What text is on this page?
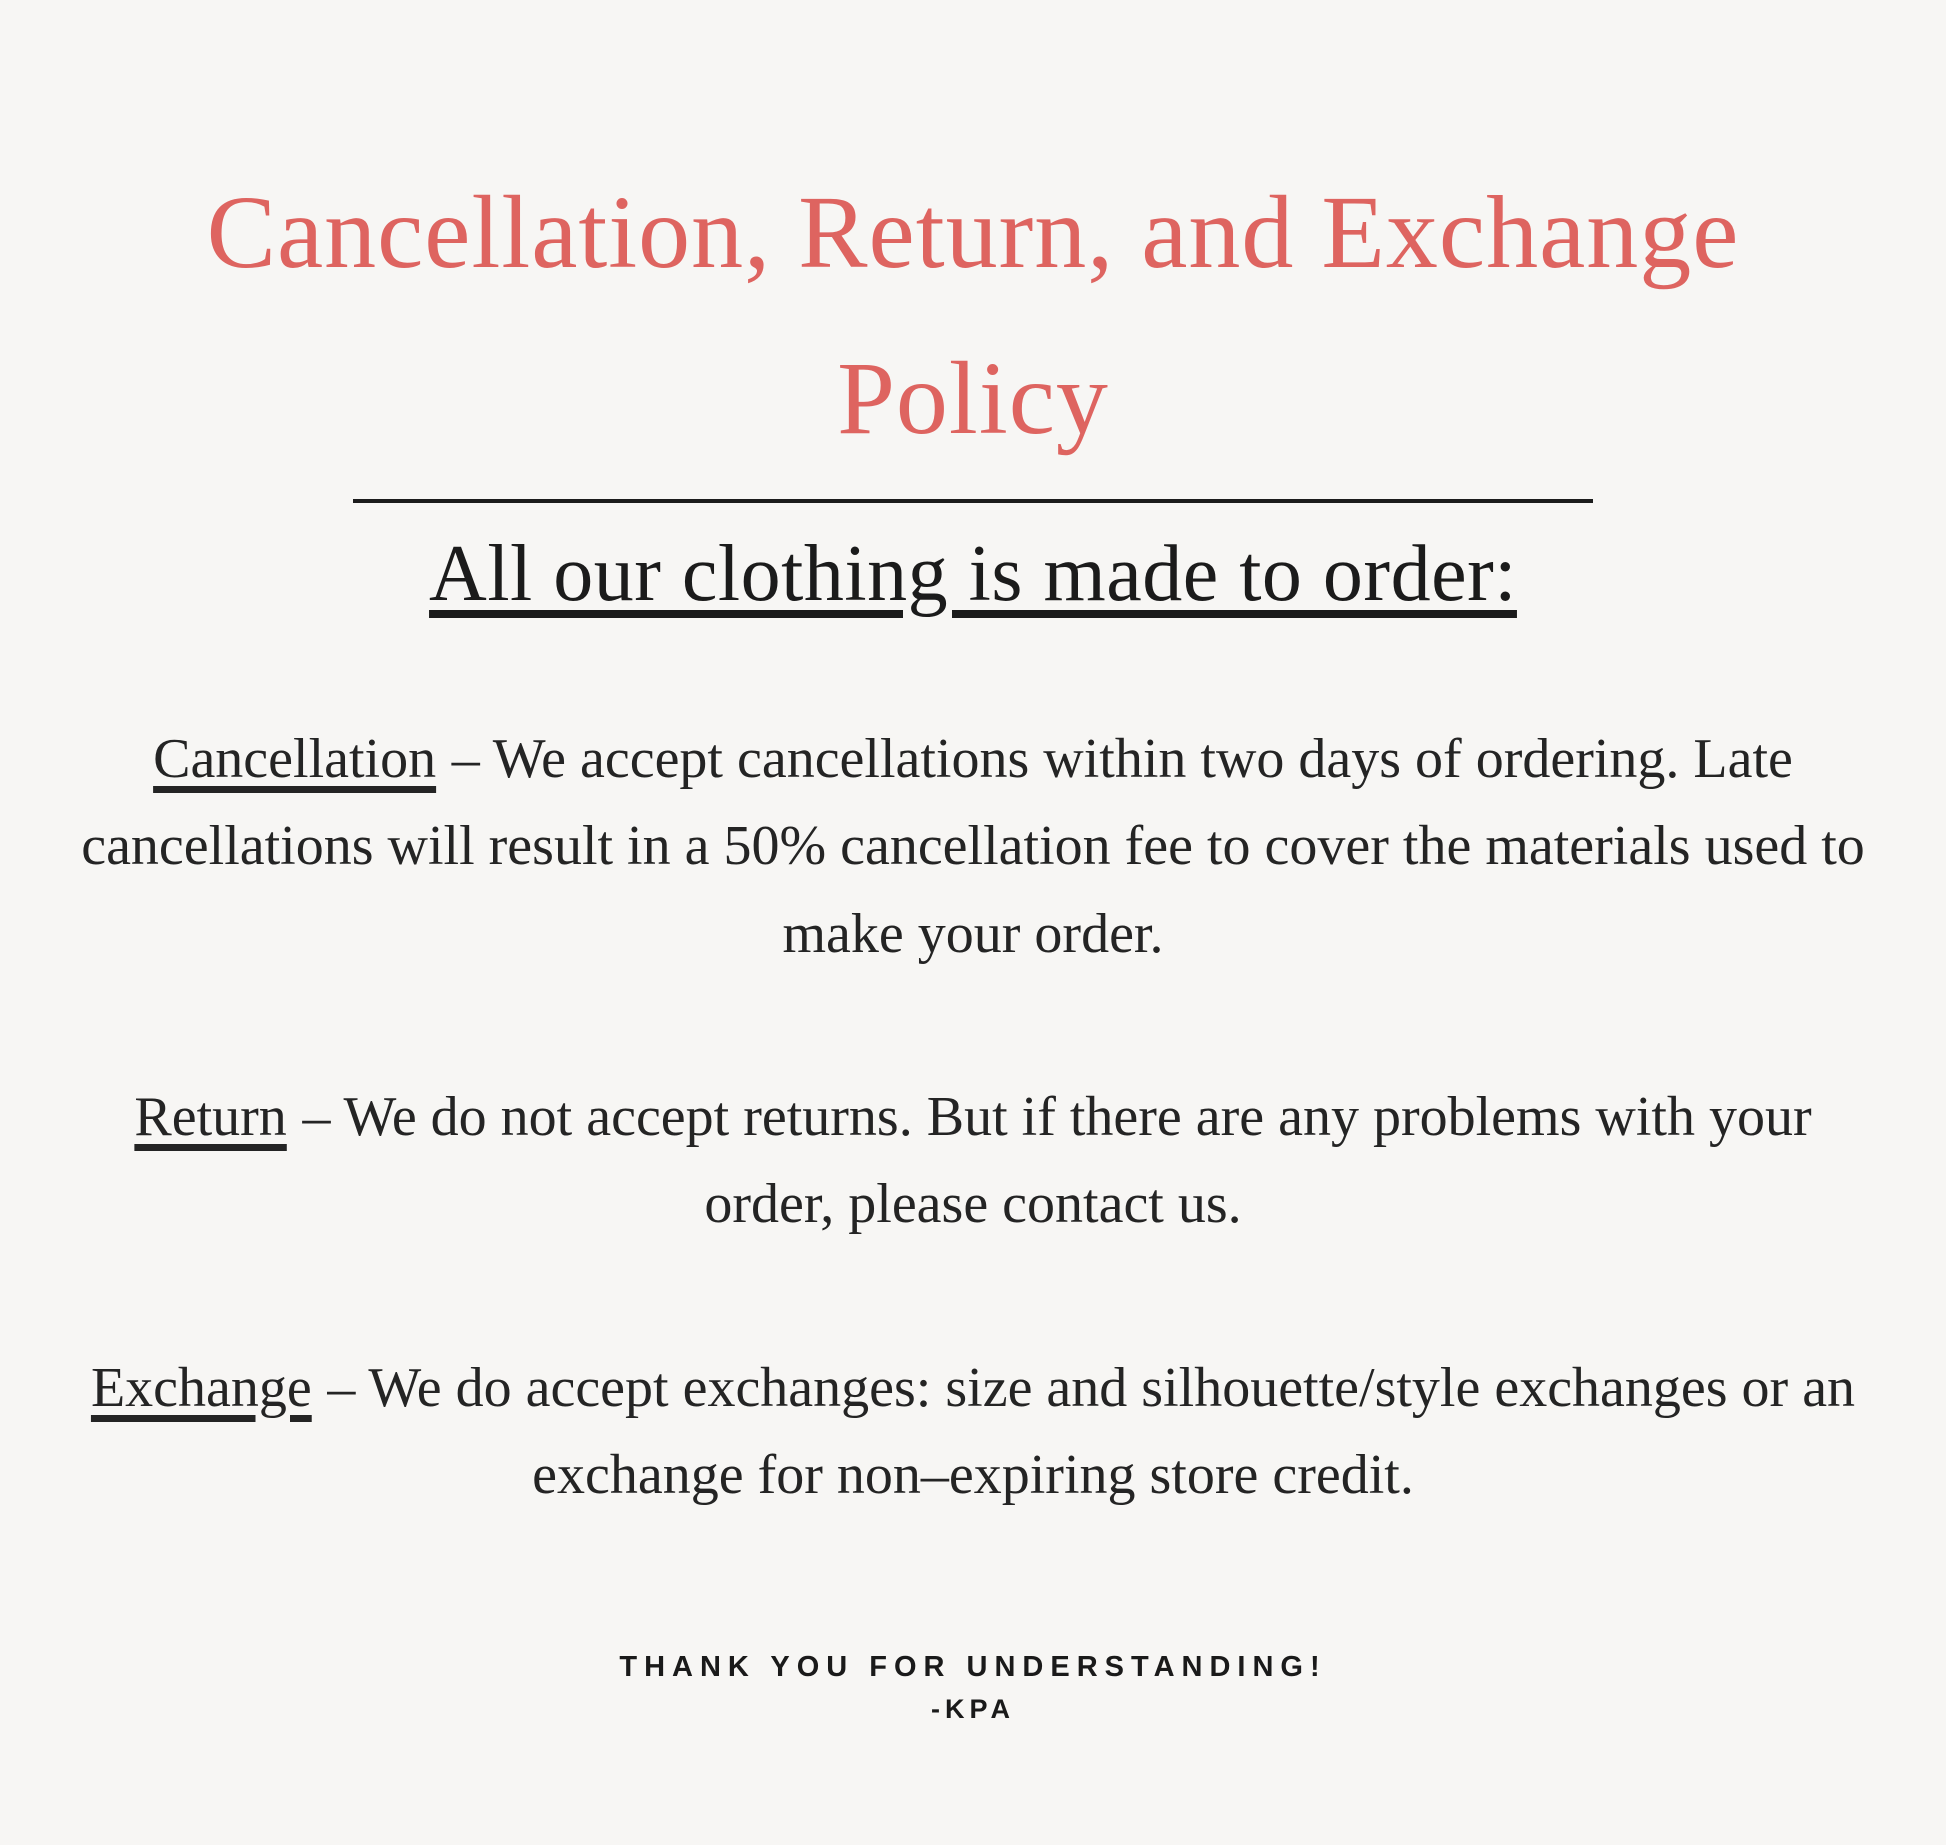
Cancellation, Return, and Exchange
Policy
All our clothing is made to order:
Cancellation – We accept cancellations within two days of ordering. Late cancellations will result in a 50% cancellation fee to cover the materials used to make your order.
Return – We do not accept returns. But if there are any problems with your order, please contact us.
Exchange – We do accept exchanges: size and silhouette/style exchanges or an exchange for non–expiring store credit.
THANK YOU FOR UNDERSTANDING!
-KPA
